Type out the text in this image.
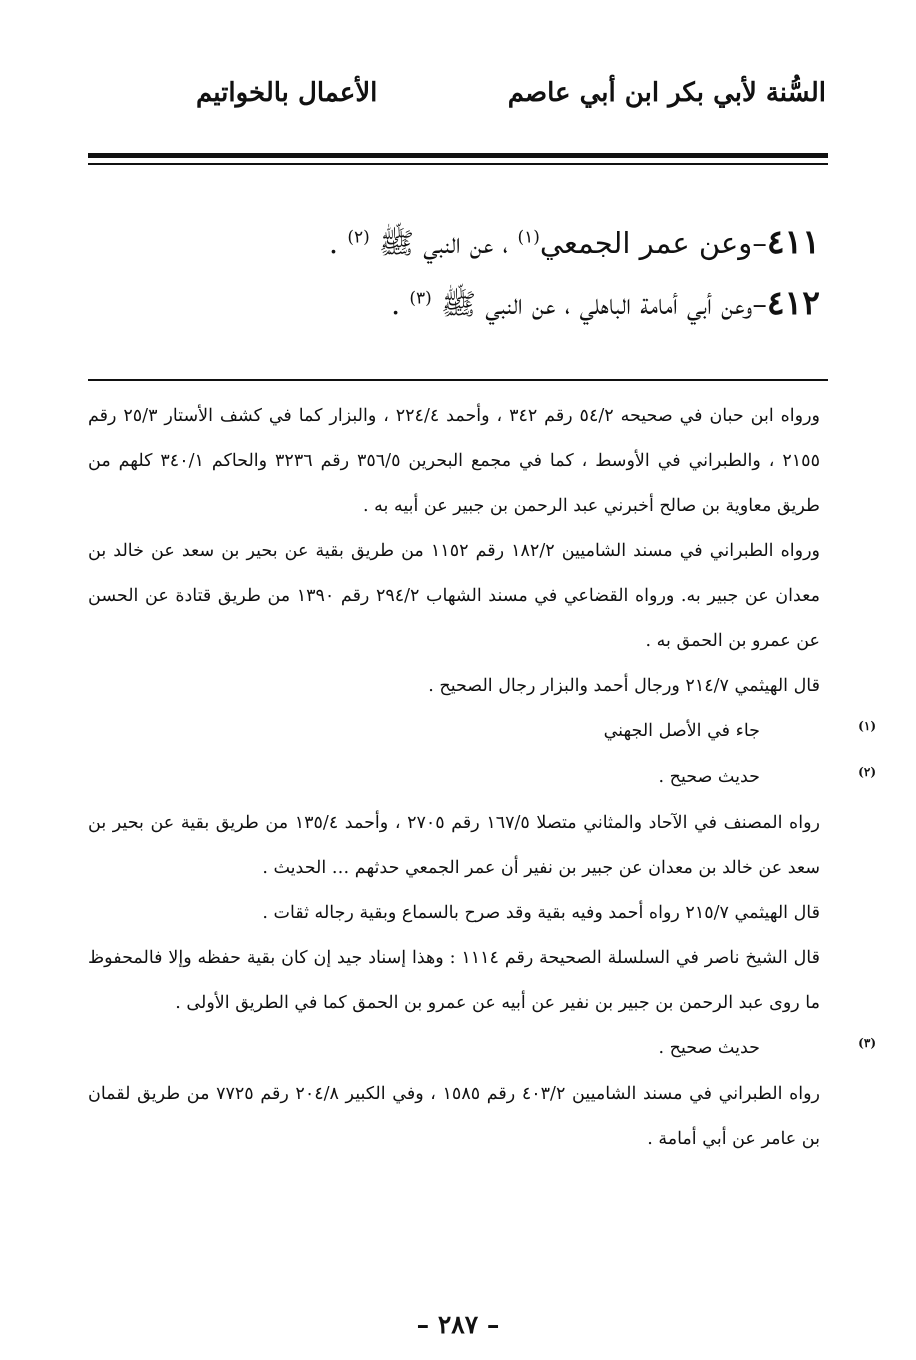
السُّنة لأبي بكر ابن أبي عاصم
الأعمال بالخواتيم
٤١١–وعن عمر الجمعي$^{(١)}$ ، عن النبي ﷺ $^{(٢)}$ .
٤١٢–وعن أبي أمامة الباهلي ، عن النبي ﷺ $^{(٣)}$ .

ورواه ابن حبان في صحيحه ٥٤/٢ رقم ٣٤٢ ، وأحمد ٢٢٤/٤ ، والبزار كما في كشف الأستار ٢٥/٣ رقم ٢١٥٥ ، والطبراني في الأوسط ، كما في مجمع البحرين ٣٥٦/٥ رقم ٣٢٣٦ والحاكم ٣٤٠/١ كلهم من طريق معاوية بن صالح أخبرني عبد الرحمن بن جبير عن أبيه به .

ورواه الطبراني في مسند الشاميين ١٨٢/٢ رقم ١١٥٢ من طريق بقية عن بحير بن سعد عن خالد بن معدان عن جبير به. ورواه القضاعي في مسند الشهاب ٢٩٤/٢ رقم ١٣٩٠ من طريق قتادة عن الحسن عن عمرو بن الحمق به .

قال الهيثمي ٢١٤/٧ ورجال أحمد والبزار رجال الصحيح .

(١)

جاء في الأصل الجهني

(٢)

حديث صحيح .

رواه المصنف في الآحاد والمثاني متصلا ١٦٧/٥ رقم ٢٧٠٥ ، وأحمد ١٣٥/٤ من طريق بقية عن بحير بن سعد عن خالد بن معدان عن جبير بن نفير أن عمر الجمعي حدثهم … الحديث .

قال الهيثمي ٢١٥/٧ رواه أحمد وفيه بقية وقد صرح بالسماع وبقية رجاله ثقات .

قال الشيخ ناصر في السلسلة الصحيحة رقم ١١١٤ : وهذا إسناد جيد إن كان بقية حفظه وإلا فالمحفوظ ما روى عبد الرحمن بن جبير بن نفير عن أبيه عن عمرو بن الحمق كما في الطريق الأولى .

(٣)

حديث صحيح .

رواه الطبراني في مسند الشاميين ٤٠٣/٢ رقم ١٥٨٥ ، وفي الكبير ٢٠٤/٨ رقم ٧٧٢٥ من طريق لقمان بن عامر عن أبي أمامة .

– ٢٨٧ –
